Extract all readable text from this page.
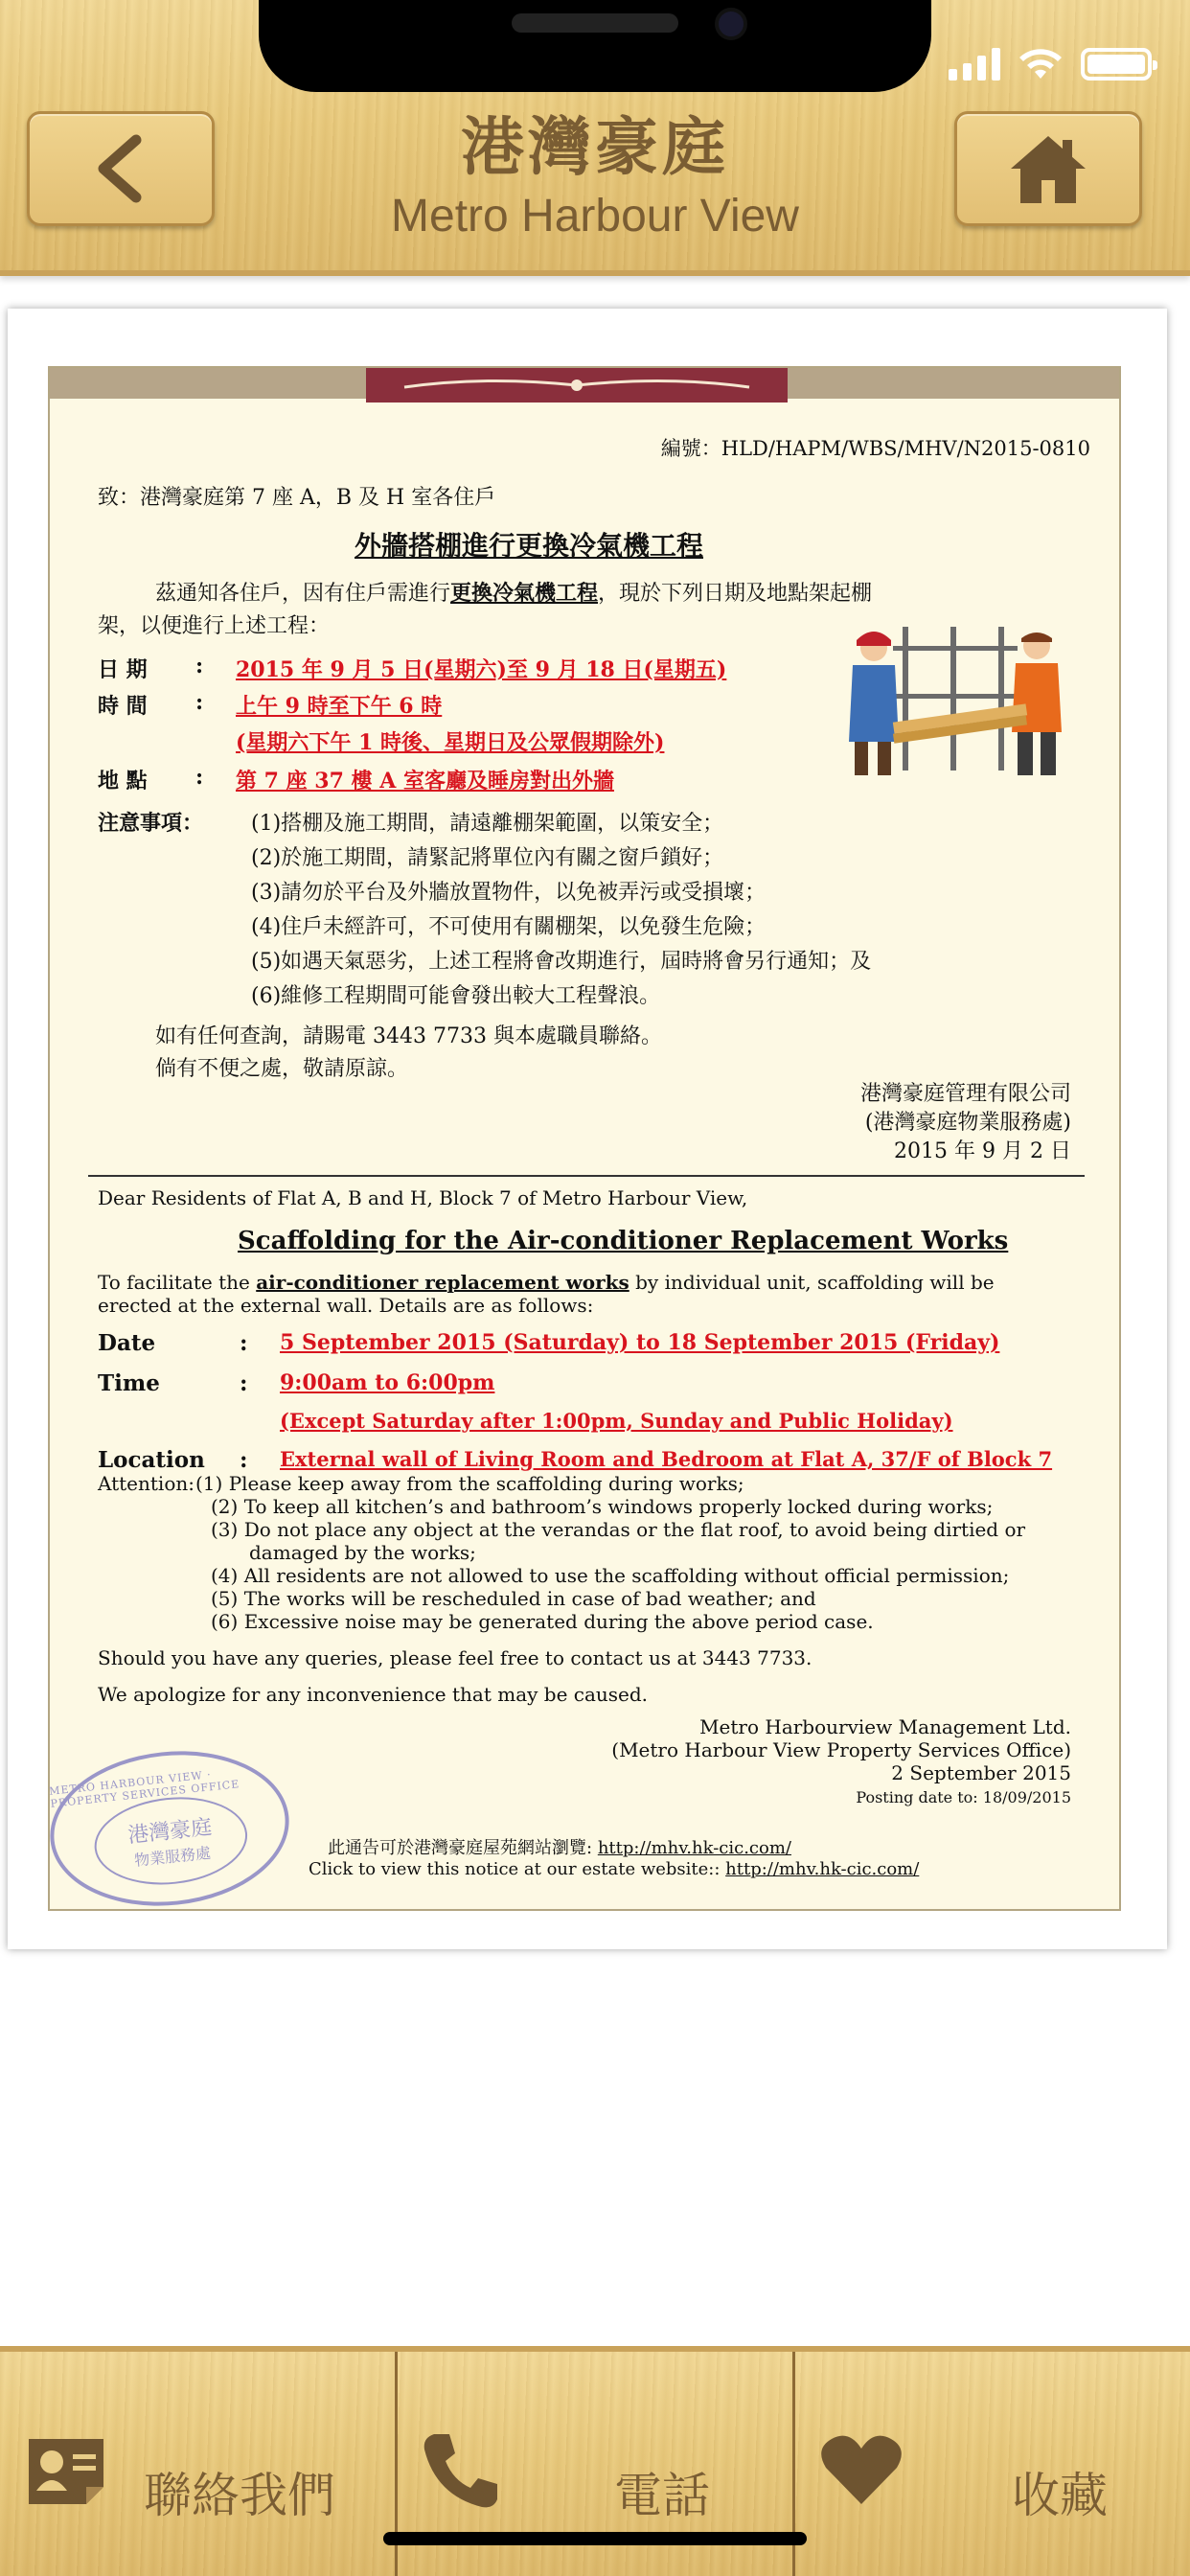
港灣豪庭
Metro Harbour View
編號：HLD/HAPM/WBS/MHV/N2015-0810
致：港灣豪庭第 7 座 A，B 及 H 室各住戶
外牆搭棚進行更換冷氣機工程
茲通知各住戶，因有住戶需進行更換冷氣機工程，現於下列日期及地點架起棚
架，以便進行上述工程：
日 期 : 2015 年 9 月 5 日(星期六)至 9 月 18 日(星期五)
時 間 : 上午 9 時至下午 6 時
(星期六下午 1 時後、星期日及公眾假期除外)
地 點 : 第 7 座 37 樓 A 室客廳及睡房對出外牆
注意事項： (1)搭棚及施工期間，請遠離棚架範圍，以策安全；
(2)於施工期間，請緊記將單位內有關之窗戶鎖好；
(3)請勿於平台及外牆放置物件，以免被弄污或受損壞；
(4)住戶未經許可，不可使用有關棚架，以免發生危險；
(5)如遇天氣惡劣，上述工程將會改期進行，屆時將會另行通知；及
(6)維修工程期間可能會發出較大工程聲浪。
如有任何查詢，請賜電 3443 7733 與本處職員聯絡。
倘有不便之處，敬請原諒。
港灣豪庭管理有限公司
(港灣豪庭物業服務處)
2015 年 9 月 2 日
Dear Residents of Flat A, B and H, Block 7 of Metro Harbour View,
Scaffolding for the Air-conditioner Replacement Works
To facilitate the air-conditioner replacement works by individual unit, scaffolding will be
erected at the external wall. Details are as follows:
Date	: 5 September 2015 (Saturday) to 18 September 2015 (Friday)
Time	: 9:00am to 6:00pm
(Except Saturday after 1:00pm, Sunday and Public Holiday)
Location : External wall of Living Room and Bedroom at Flat A, 37/F of Block 7
Attention: (1) Please keep away from the scaffolding during works;
(2) To keep all kitchen’s and bathroom’s windows properly locked during works;
(3) Do not place any object at the verandas or the flat roof, to avoid being dirtied or
damaged by the works;
(4) All residents are not allowed to use the scaffolding without official permission;
(5) The works will be rescheduled in case of bad weather; and
(6) Excessive noise may be generated during the above period case.
Should you have any queries, please feel free to contact us at 3443 7733.
We apologize for any inconvenience that may be caused.
Metro Harbourview Management Ltd.
(Metro Harbour View Property Services Office)
2 September 2015
Posting date to: 18/09/2015
此通告可於港灣豪庭屋苑網站瀏覽: http://mhv.hk-cic.com/
Click to view this notice at our estate website:: http://mhv.hk-cic.com/
METRO HARBOUR VIEW · PROPERTY SERVICES OFFICE
港灣豪庭
物業服務處
聯絡我們	電話	收藏
